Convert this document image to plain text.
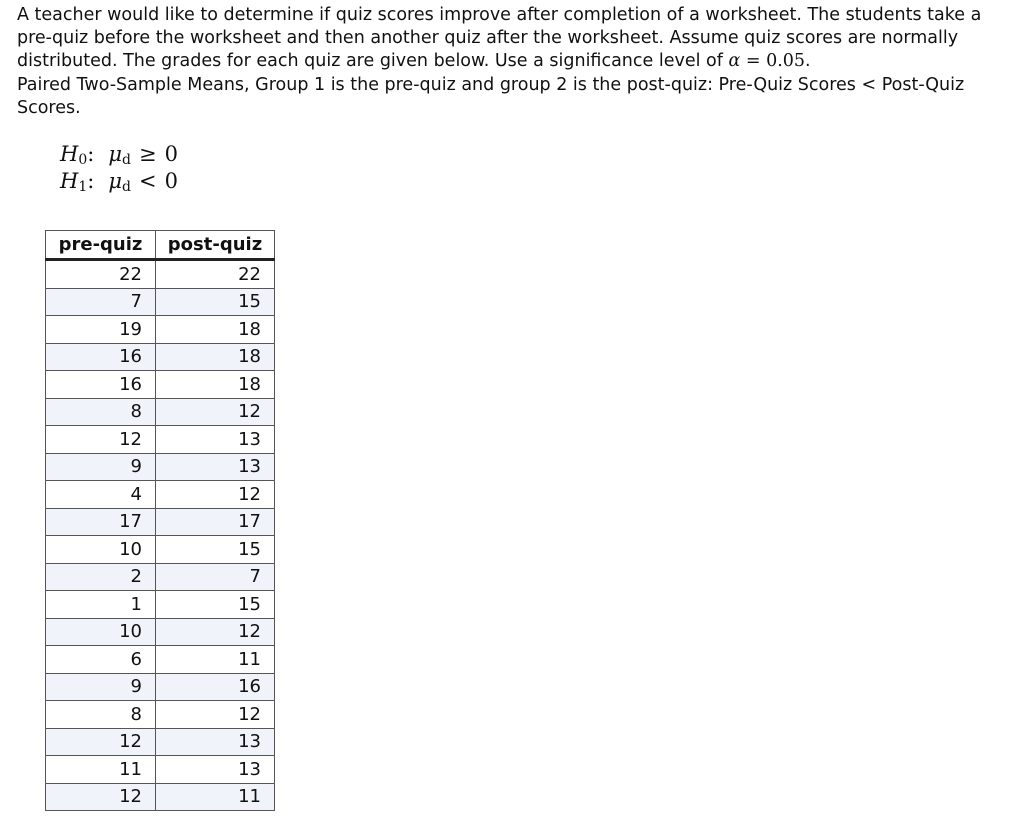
A teacher would like to determine if quiz scores improve after completion of a worksheet. The students take a pre-quiz before the worksheet and then another quiz after the worksheet. Assume quiz scores are normally distributed. The grades for each quiz are given below. Use a significance level of α = 0.05.
Paired Two-Sample Means, Group 1 is the pre-quiz and group 2 is the post-quiz: Pre-Quiz Scores < Post-Quiz Scores.

$H_0$: $\mu_d \ge 0$
$H_1$: $\mu_d < 0$
pre-quiz	post-quiz
22	22
7	15
19	18
16	18
16	18
8	12
12	13
9	13
4	12
17	17
10	15
2	7
1	15
10	12
6	11
9	16
8	12
12	13
11	13
12	11
